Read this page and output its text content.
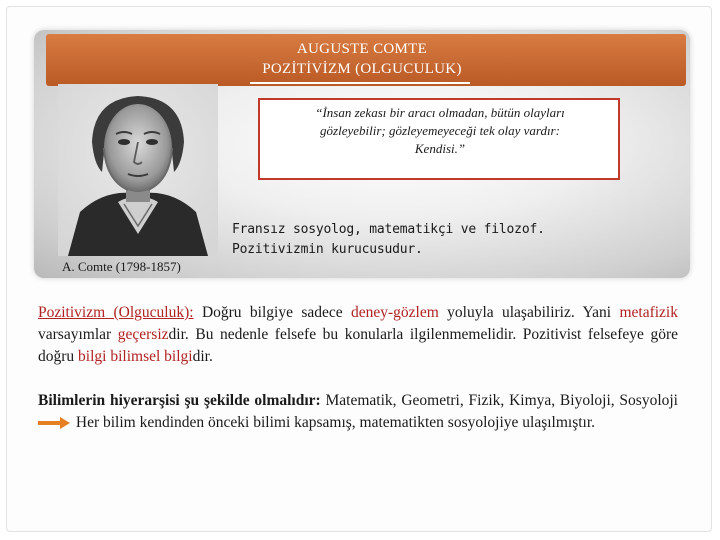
AUGUSTE COMTE
POZİTİVİZM (OLGUCULUK)
A. Comte (1798-1857)
“İnsan zekası bir aracı olmadan, bütün olayları
gözleyebilir; gözleyemeyeceği tek olay vardır:
Kendisi.”
Fransız sosyolog, matematikçi ve filozof.
Pozitivizmin kurucusudur.
Pozitivizm (Olguculuk): Doğru bilgiye sadece deney-gözlem yoluyla ulaşabiliriz. Yani metafizik varsayımlar geçersizdir. Bu nedenle felsefe bu konularla ilgilenmemelidir. Pozitivist felsefeye göre doğru bilgi bilimsel bilgidir.
Bilimlerin hiyerarşisi şu şekilde olmalıdır: Matematik, Geometri, Fizik, Kimya, Biyoloji, Sosyoloji
Her bilim kendinden önceki bilimi kapsamış, matematikten sosyolojiye ulaşılmıştır.
